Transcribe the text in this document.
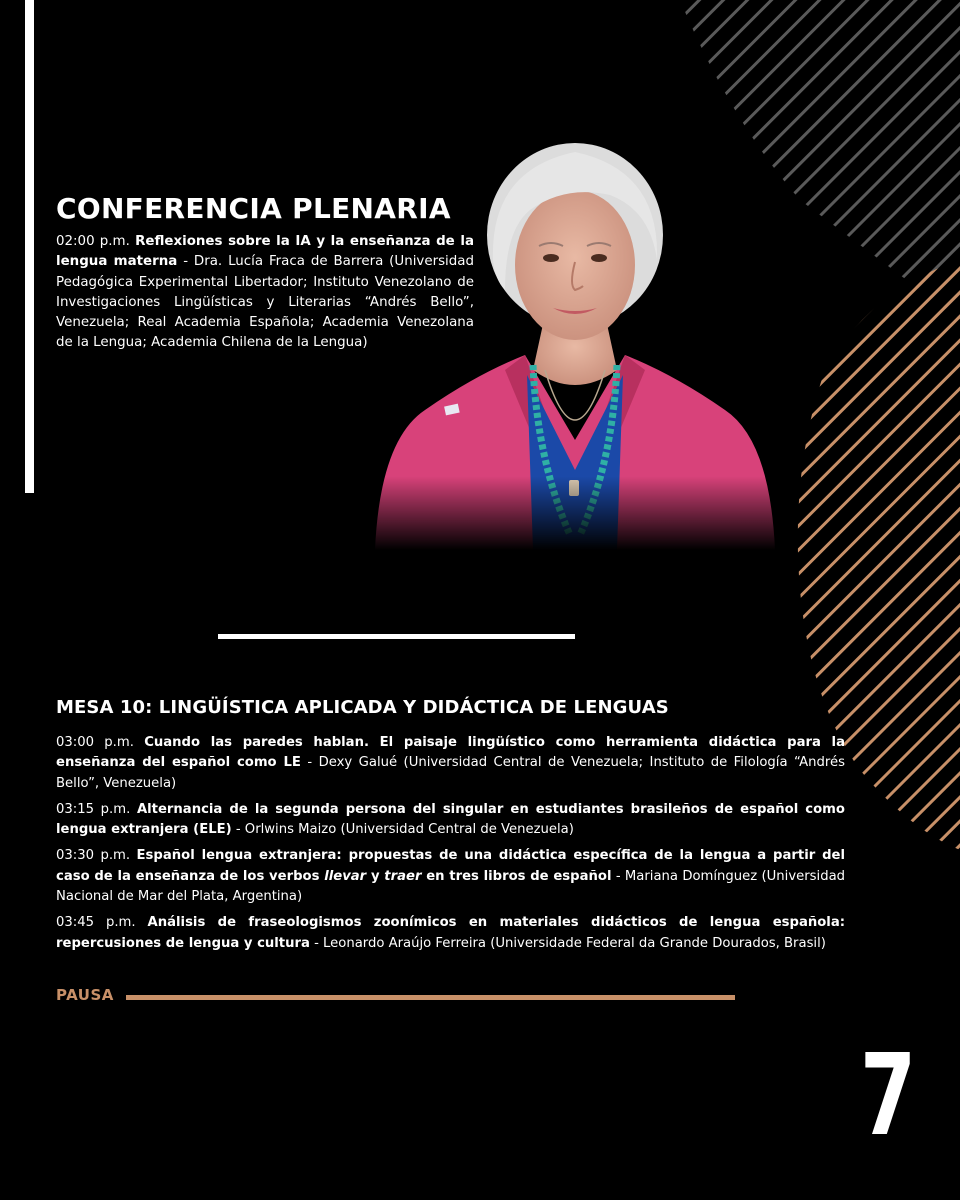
CONFERENCIA PLENARIA
02:00 p.m. Reflexiones sobre la IA y la enseñanza de la lengua materna - Dra. Lucía Fraca de Barrera (Universidad Pedagógica Experimental Libertador; Instituto Venezolano de Investigaciones Lingüísticas y Literarias “Andrés Bello”, Venezuela; Real Academia Española; Academia Venezolana de la Lengua; Academia Chilena de la Lengua)
MESA 10: LINGÜÍSTICA APLICADA Y DIDÁCTICA DE LENGUAS

03:00 p.m. Cuando las paredes hablan. El paisaje lingüístico como herramienta didáctica para la enseñanza del español como LE - Dexy Galué (Universidad Central de Venezuela; Instituto de Filología “Andrés Bello”, Venezuela)

03:15 p.m. Alternancia de la segunda persona del singular en estudiantes brasileños de español como lengua extranjera (ELE) - Orlwins Maizo (Universidad Central de Venezuela)

03:30 p.m. Español lengua extranjera: propuestas de una didáctica específica de la lengua a partir del caso de la enseñanza de los verbos llevar y traer en tres libros de español - Mariana Domínguez (Universidad Nacional de Mar del Plata, Argentina)

03:45 p.m. Análisis de fraseologismos zoonímicos en materiales didácticos de lengua española: repercusiones de lengua y cultura - Leonardo Araújo Ferreira (Universidade Federal da Grande Dourados, Brasil)

PAUSA
7
